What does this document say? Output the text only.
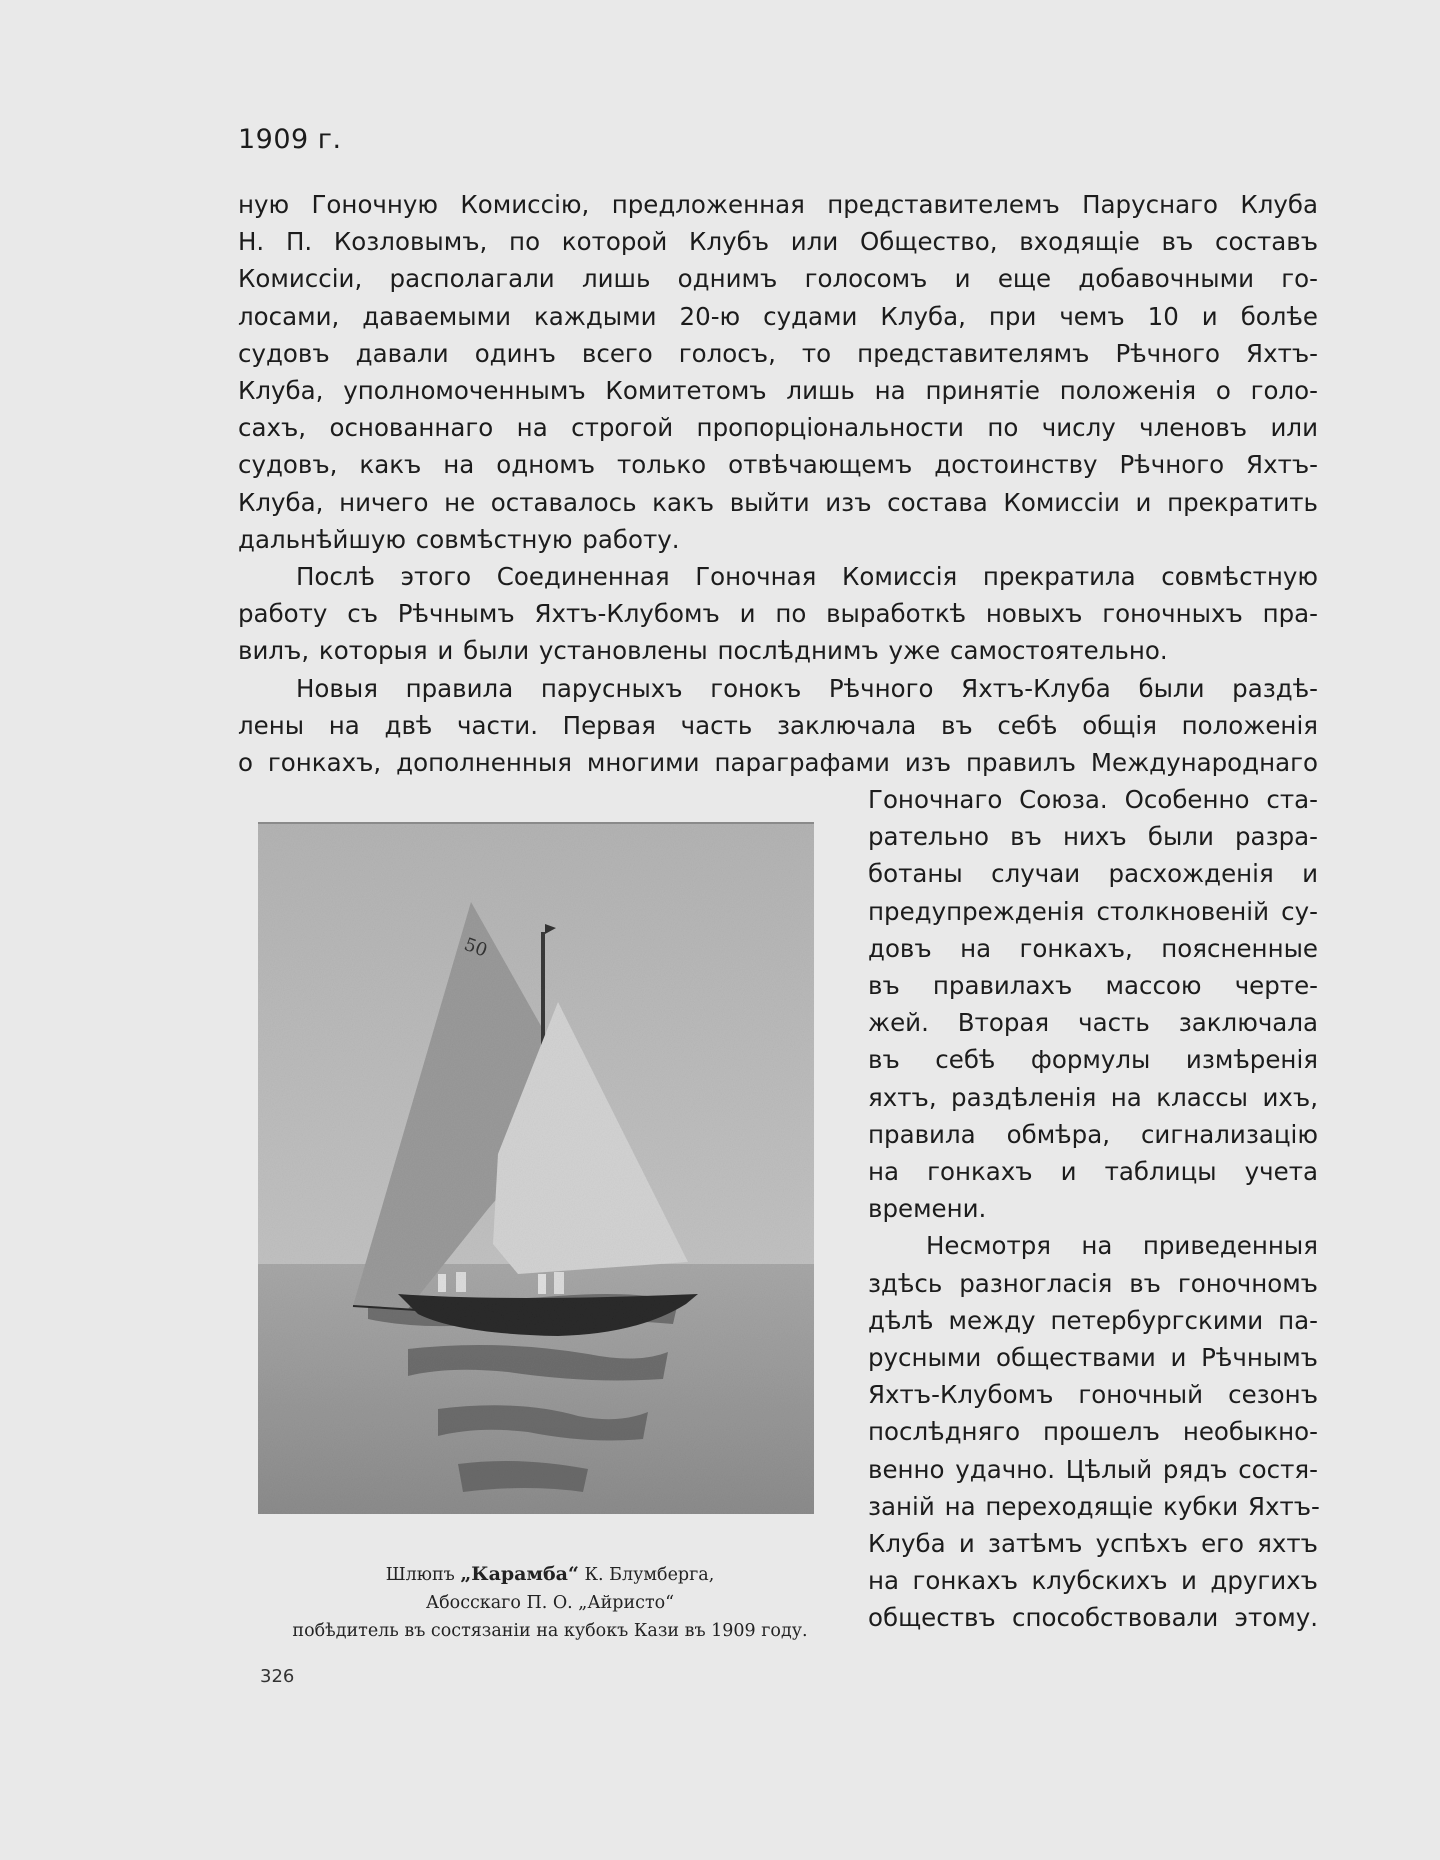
1909 г.
ную Гоночную Комиссію, предложенная представителемъ Паруснаго Клуба
Н. П. Козловымъ, по которой Клубъ или Общество, входящіе въ составъ
Комиссіи, располагали лишь однимъ голосомъ и еще добавочными го-
лосами, даваемыми каждыми 20-ю судами Клуба, при чемъ 10 и болѣе
судовъ давали одинъ всего голосъ, то представителямъ Рѣчного Яхтъ-
Клуба, уполномоченнымъ Комитетомъ лишь на принятіе положенія о голо-
сахъ, основаннаго на строгой пропорціональности по числу членовъ или
судовъ, какъ на одномъ только отвѣчающемъ достоинству Рѣчного Яхтъ-
Клуба, ничего не оставалось какъ выйти изъ состава Комиссіи и прекратить
дальнѣйшую совмѣстную работу.
Послѣ этого Соединенная Гоночная Комиссія прекратила совмѣстную
работу съ Рѣчнымъ Яхтъ-Клубомъ и по выработкѣ новыхъ гоночныхъ пра-
вилъ, которыя и были установлены послѣднимъ уже самостоятельно.
Новыя правила парусныхъ гонокъ Рѣчного Яхтъ-Клуба были раздѣ-
лены на двѣ части. Первая часть заключала въ себѣ общія положенія
о гонкахъ, дополненныя многими параграфами изъ правилъ Международнаго
Гоночнаго Союза. Особенно ста-
рательно въ нихъ были разра-
ботаны случаи расхожденія и
предупрежденія столкновеній су-
довъ на гонкахъ, поясненные
въ правилахъ массою черте-
жей. Вторая часть заключала
въ себѣ формулы измѣренія
яхтъ, раздѣленія на классы ихъ,
правила обмѣра, сигнализацію
на гонкахъ и таблицы учета
времени.
Несмотря на приведенныя
здѣсь разногласія въ гоночномъ
дѣлѣ между петербургскими па-
русными обществами и Рѣчнымъ
Яхтъ-Клубомъ гоночный сезонъ
послѣдняго прошелъ необыкно-
венно удачно. Цѣлый рядъ состя-
заній на переходящіе кубки Яхтъ-
Клуба и затѣмъ успѣхъ его яхтъ
на гонкахъ клубскихъ и другихъ
обществъ способствовали этому.
50
Шлюпъ „Карамба“ К. Блумберга,
Абосскаго П. О. „Айристо“
побѣдитель въ состязаніи на кубокъ Кази въ 1909 году.
326
